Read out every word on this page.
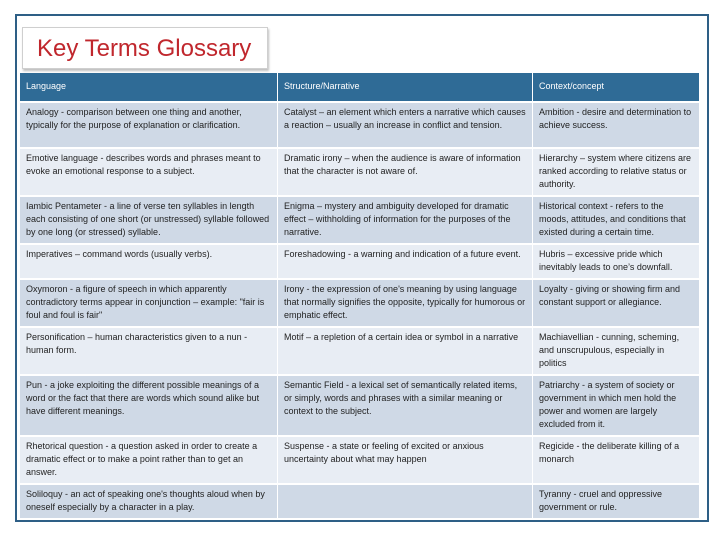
Key Terms Glossary
Language	Structure/Narrative	Context/concept
Analogy - comparison between one thing and another, typically for the purpose of explanation or clarification.	Catalyst – an element which enters a narrative which causes a reaction – usually an increase in conflict and tension.	Ambition - desire and determination to achieve success.
Emotive language - describes words and phrases meant to evoke an emotional response to a subject.	Dramatic irony – when the audience is aware of information that the character is not aware of.	Hierarchy – system where citizens are ranked according to relative status or authority.
Iambic Pentameter - a line of verse ten syllables in length each consisting of one short (or unstressed) syllable followed by one long (or stressed) syllable.	Enigma – mystery and ambiguity developed for dramatic effect – withholding of information for the purposes of the narrative.	Historical context - refers to the moods, attitudes, and conditions that existed during a certain time.
Imperatives – command words (usually verbs).	Foreshadowing - a warning and indication of a future event.	Hubris – excessive pride which inevitably leads to one’s downfall.
Oxymoron - a figure of speech in which apparently contradictory terms appear in conjunction – example: "fair is foul and foul is fair"	Irony - the expression of one's meaning by using language that normally signifies the opposite, typically for humorous or emphatic effect.	Loyalty - giving or showing firm and constant support or allegiance.
Personification – human characteristics given to a nun -human form.	Motif – a repletion of a certain idea or symbol in a narrative	Machiavellian - cunning, scheming, and unscrupulous, especially in politics
Pun - a joke exploiting the different possible meanings of a word or the fact that there are words which sound alike but have different meanings.	Semantic Field - a lexical set of semantically related items, or simply, words and phrases with a similar meaning or context to the subject.	Patriarchy - a system of society or government in which men hold the power and women are largely excluded from it.
Rhetorical question - a question asked in order to create a dramatic effect or to make a point rather than to get an answer.	Suspense - a state or feeling of excited or anxious uncertainty about what may happen	Regicide - the deliberate killing of a monarch
Soliloquy - an act of speaking one's thoughts aloud when by oneself especially by a character in a play.		Tyranny - cruel and oppressive government or rule.
